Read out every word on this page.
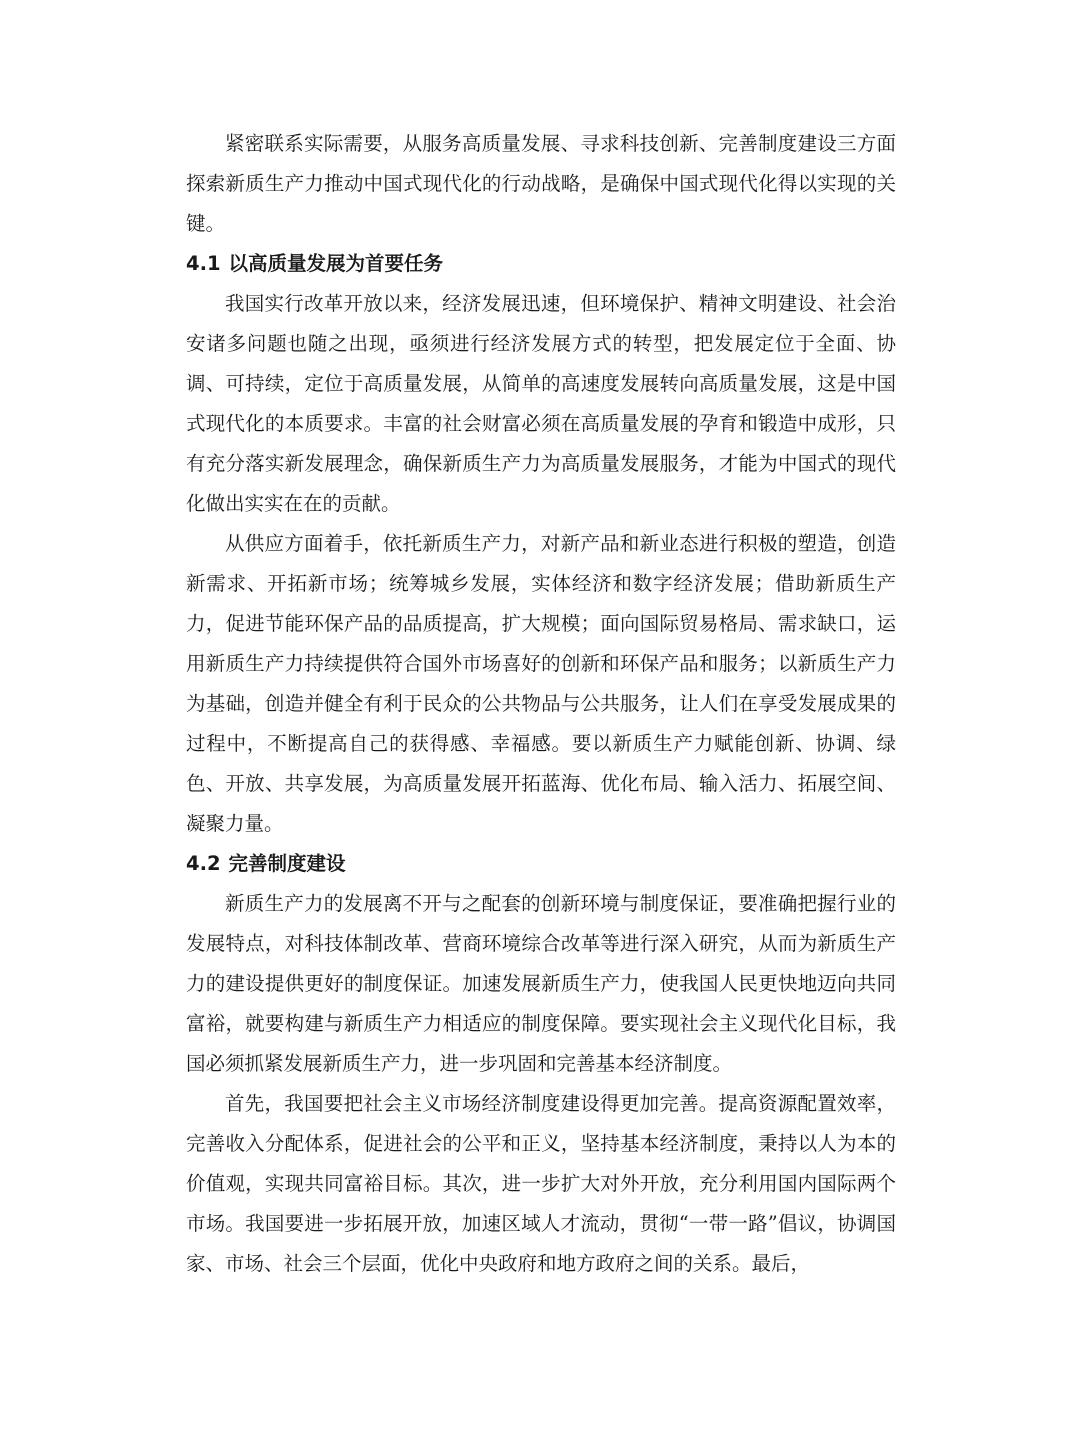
紧密联系实际需要，从服务高质量发展、寻求科技创新、完善制度建设三方面探索新质生产力推动中国式现代化的行动战略，是确保中国式现代化得以实现的关键。

4.1 以高质量发展为首要任务

我国实行改革开放以来，经济发展迅速，但环境保护、精神文明建设、社会治安诸多问题也随之出现，亟须进行经济发展方式的转型，把发展定位于全面、协调、可持续，定位于高质量发展，从简单的高速度发展转向高质量发展，这是中国式现代化的本质要求。丰富的社会财富必须在高质量发展的孕育和锻造中成形，只有充分落实新发展理念，确保新质生产力为高质量发展服务，才能为中国式的现代化做出实实在在的贡献。

从供应方面着手，依托新质生产力，对新产品和新业态进行积极的塑造，创造新需求、开拓新市场；统筹城乡发展，实体经济和数字经济发展；借助新质生产力，促进节能环保产品的品质提高，扩大规模；面向国际贸易格局、需求缺口，运用新质生产力持续提供符合国外市场喜好的创新和环保产品和服务；以新质生产力为基础，创造并健全有利于民众的公共物品与公共服务，让人们在享受发展成果的过程中，不断提高自己的获得感、幸福感。要以新质生产力赋能创新、协调、绿色、开放、共享发展，为高质量发展开拓蓝海、优化布局、输入活力、拓展空间、凝聚力量。

4.2 完善制度建设

新质生产力的发展离不开与之配套的创新环境与制度保证，要准确把握行业的发展特点，对科技体制改革、营商环境综合改革等进行深入研究，从而为新质生产力的建设提供更好的制度保证。加速发展新质生产力，使我国人民更快地迈向共同富裕，就要构建与新质生产力相适应的制度保障。要实现社会主义现代化目标，我国必须抓紧发展新质生产力，进一步巩固和完善基本经济制度。

首先，我国要把社会主义市场经济制度建设得更加完善。提高资源配置效率，完善收入分配体系，促进社会的公平和正义，坚持基本经济制度，秉持以人为本的价值观，实现共同富裕目标。其次，进一步扩大对外开放，充分利用国内国际两个市场。我国要进一步拓展开放，加速区域人才流动，贯彻“一带一路”倡议，协调国家、市场、社会三个层面，优化中央政府和地方政府之间的关系。最后，
